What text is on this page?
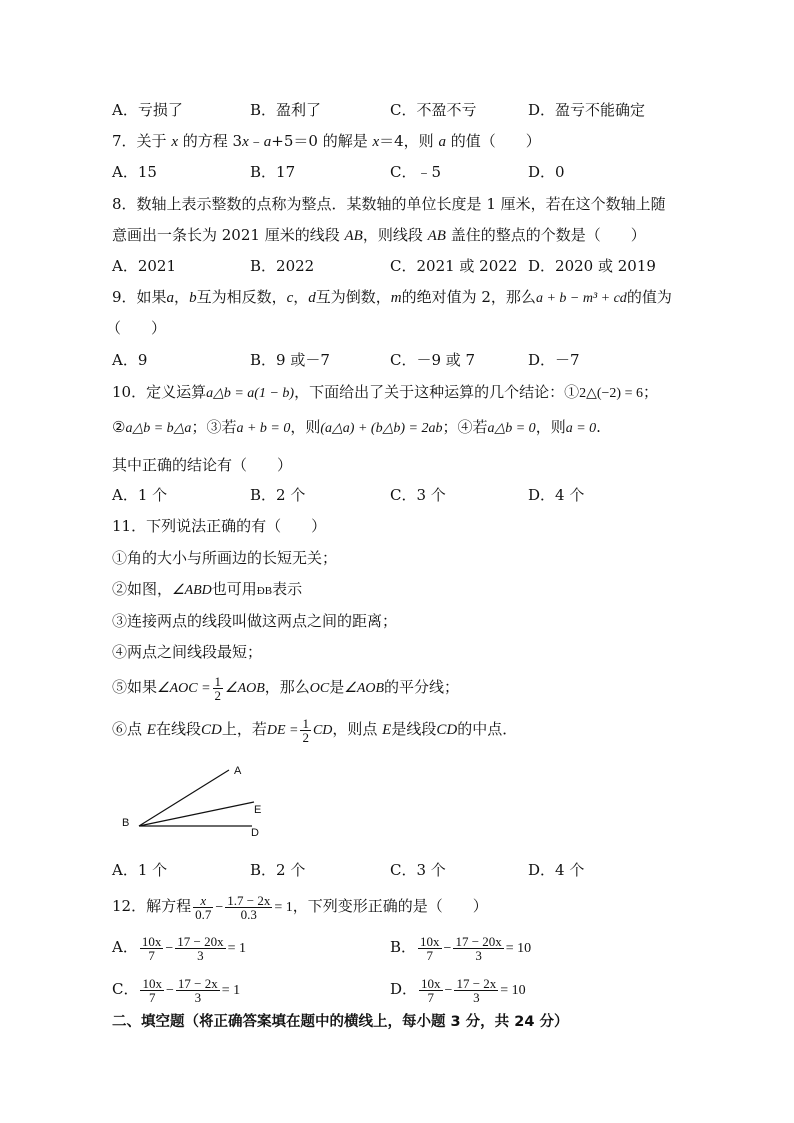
A．亏损了	B．盈利了	C．不盈不亏	D．盈亏不能确定
7．关于 x 的方程 3x﹣a+5＝0 的解是 x＝4，则 a 的值（　　）
A．15	B．17	C．﹣5	D．0
8．数轴上表示整数的点称为整点．某数轴的单位长度是 1 厘米，若在这个数轴上随
意画出一条长为 2021 厘米的线段 AB，则线段 AB 盖住的整点的个数是（　　）
A．2021	B．2022	C．2021 或 2022 D．2020 或 2019
9．如果a，b互为相反数，c，d互为倒数，m的绝对值为 2，那么a + b − m³ + cd的值为
（　　）
A．9	B．9 或－7	C．－9 或 7	D．－7
10．定义运算a△b = a(1 − b)，下面给出了关于这种运算的几个结论：①2△(−2) = 6；
②a△b = b△a；③若a + b = 0，则(a△a) + (b△b) = 2ab；④若a△b = 0，则a = 0.
其中正确的结论有（　　）
A．1 个	B．2 个	C．3 个	D．4 个
11．下列说法正确的有（　　）
①角的大小与所画边的长短无关；
②如图，∠ABD也可用ÐB表示
③连接两点的线段叫做这两点之间的距离；
④两点之间线段最短；
⑤如果∠AOC = $\frac{1}{2}$ ∠AOB，那么OC是∠AOB的平分线；
⑥点 E在线段CD上，若DE = $\frac{1}{2}$ CD，则点 E是线段CD的中点．
A
B
E
D
A．1 个	B．2 个	C．3 个	D．4 个
12．解方程 $\frac{x}{0.7} - \frac{1.7 - 2x}{0.3} = 1$，下列变形正确的是（　　）
A． $\frac{10x}{7} - \frac{17 - 20x}{3} = 1$	B． $\frac{10x}{7} - \frac{17 - 20x}{3} = 10$
C． $\frac{10x}{7} - \frac{17 - 2x}{3} = 1$	D． $\frac{10x}{7} - \frac{17 - 2x}{3} = 10$
二、填空题（将正确答案填在题中的横线上，每小题 3 分，共 24 分）
